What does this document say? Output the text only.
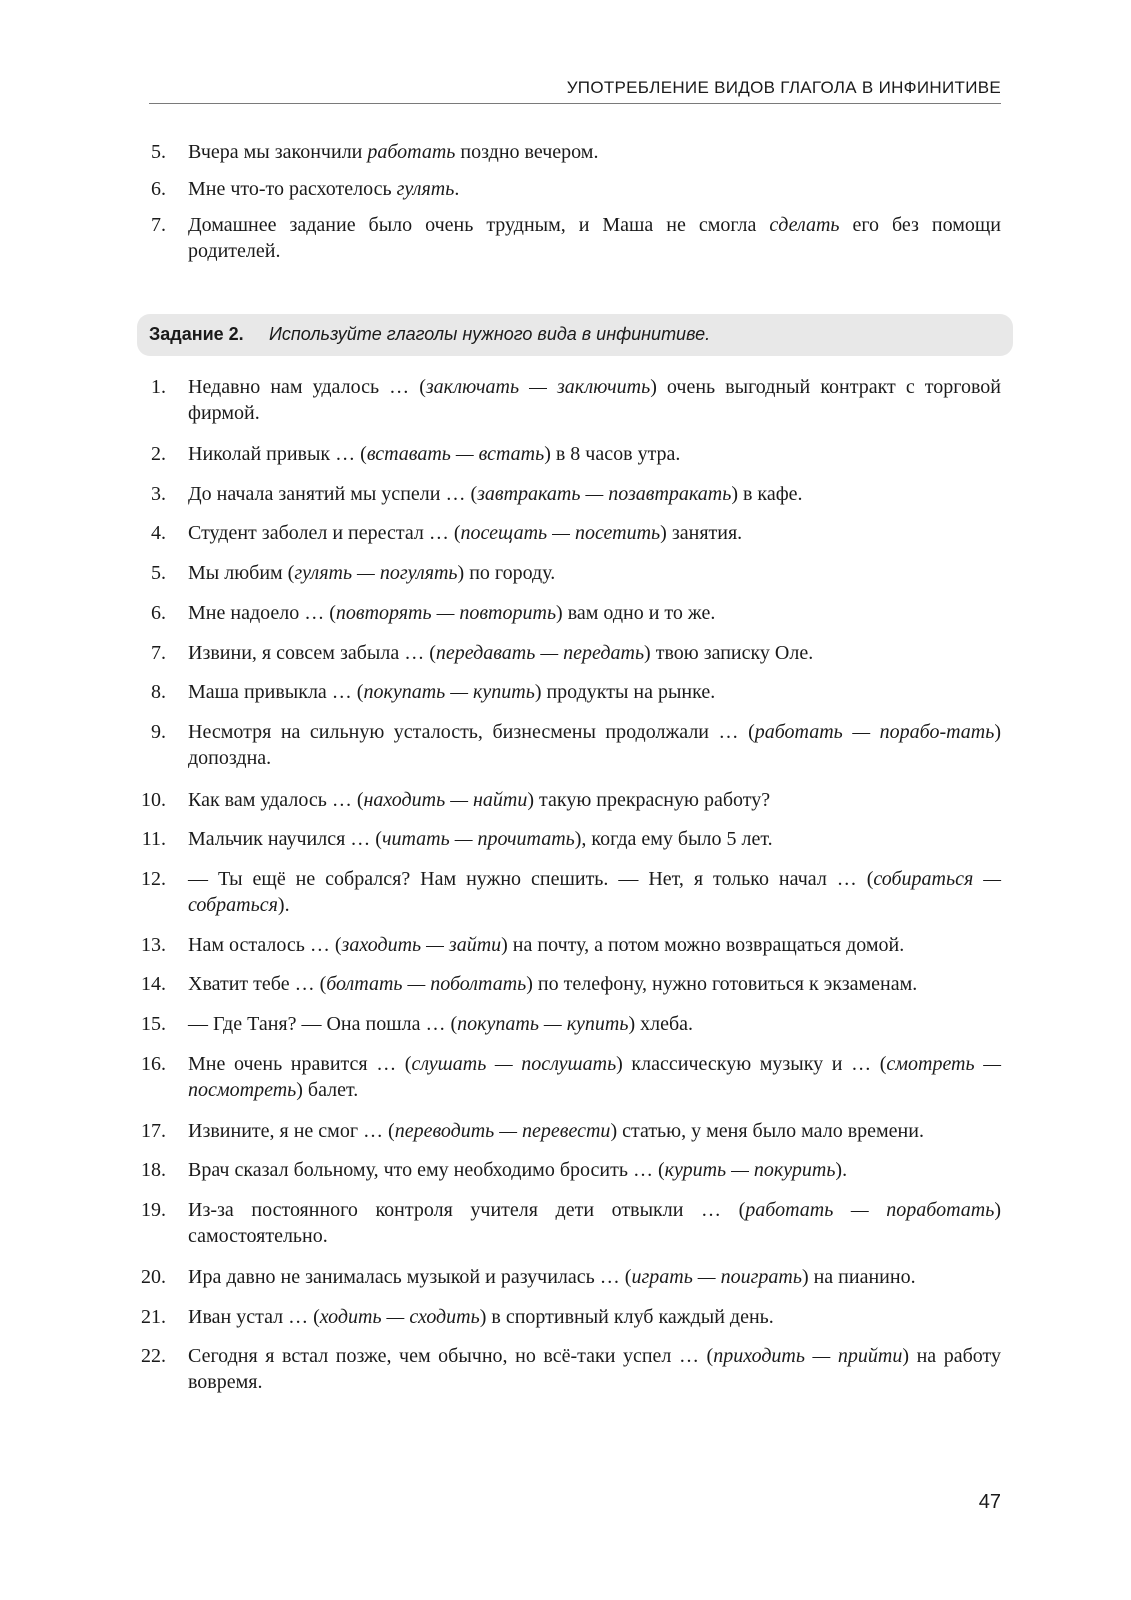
УПОТРЕБЛЕНИЕ ВИДОВ ГЛАГОЛА В ИНФИНИТИВЕ
5. Вчера мы закончили работать поздно вечером.
6. Мне что-то расхотелось гулять.
7. Домашнее задание было очень трудным, и Маша не смогла сделать его без помощи родителей.
Задание 2. Используйте глаголы нужного вида в инфинитиве.
1. Недавно нам удалось … (заключать — заключить) очень выгодный контракт с торговой фирмой.
2. Николай привык … (вставать — встать) в 8 часов утра.
3. До начала занятий мы успели … (завтракать — позавтракать) в кафе.
4. Студент заболел и перестал … (посещать — посетить) занятия.
5. Мы любим (гулять — погулять) по городу.
6. Мне надоело … (повторять — повторить) вам одно и то же.
7. Извини, я совсем забыла … (передавать — передать) твою записку Оле.
8. Маша привыкла … (покупать — купить) продукты на рынке.
9. Несмотря на сильную усталость, бизнесмены продолжали … (работать — порабо-тать) допоздна.
10. Как вам удалось … (находить — найти) такую прекрасную работу?
11. Мальчик научился … (читать — прочитать), когда ему было 5 лет.
12. — Ты ещё не собрался? Нам нужно спешить. — Нет, я только начал … (собираться — собраться).
13. Нам осталось … (заходить — зайти) на почту, а потом можно возвращаться домой.
14. Хватит тебе … (болтать — поболтать) по телефону, нужно готовиться к экзаменам.
15. — Где Таня? — Она пошла … (покупать — купить) хлеба.
16. Мне очень нравится … (слушать — послушать) классическую музыку и … (смотреть — посмотреть) балет.
17. Извините, я не смог … (переводить — перевести) статью, у меня было мало времени.
18. Врач сказал больному, что ему необходимо бросить … (курить — покурить).
19. Из-за постоянного контроля учителя дети отвыкли … (работать — поработать) самостоятельно.
20. Ира давно не занималась музыкой и разучилась … (играть — поиграть) на пианино.
21. Иван устал … (ходить — сходить) в спортивный клуб каждый день.
22. Сегодня я встал позже, чем обычно, но всё-таки успел … (приходить — прийти) на работу вовремя.
47
